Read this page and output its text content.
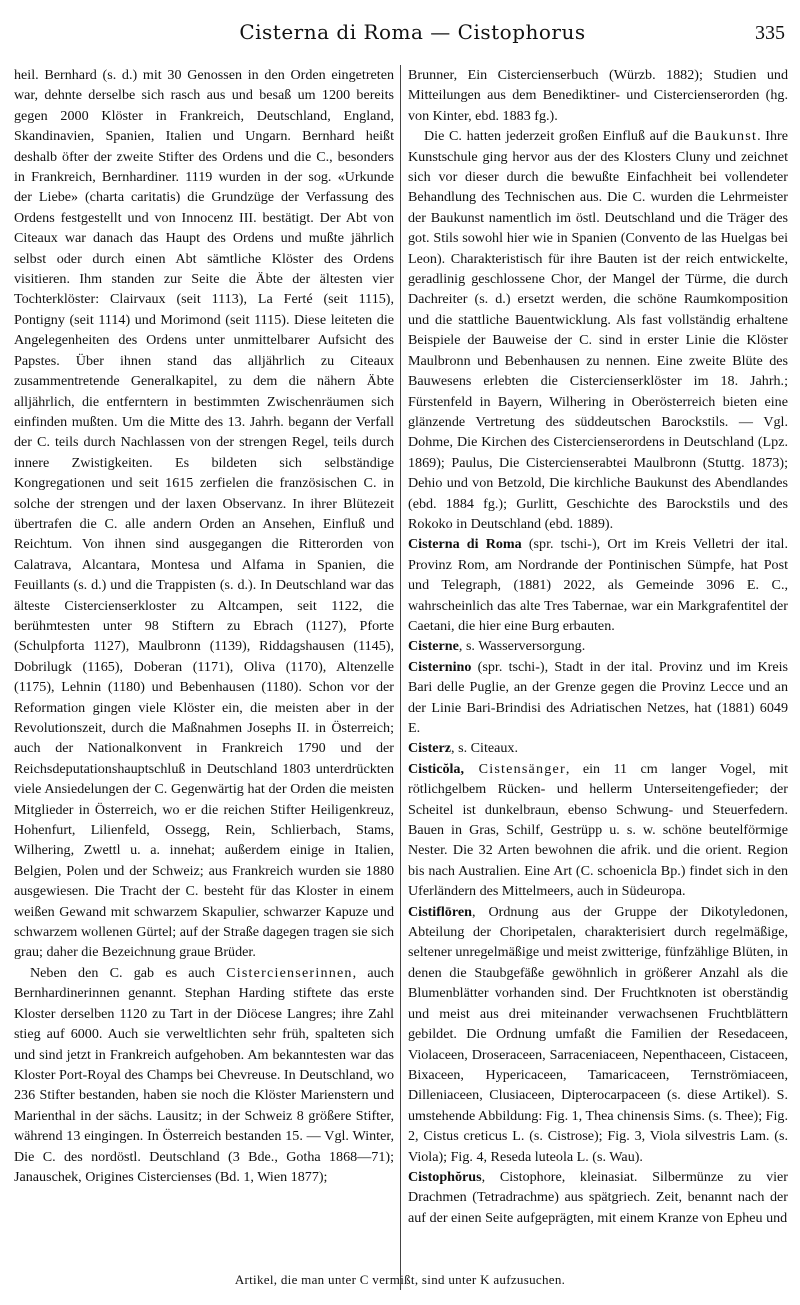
Cisterna di Roma — Cistophorus	335

heil. Bernhard (s. d.) mit 30 Genossen in den Orden eingetreten war, dehnte derselbe sich rasch aus und besaß um 1200 bereits gegen 2000 Klöster in Frankreich, Deutschland, England, Skandinavien, Spanien, Italien und Ungarn. Bernhard heißt deshalb öfter der zweite Stifter des Ordens und die C., besonders in Frankreich, Bernhardiner. 1119 wurden in der sog. «Urkunde der Liebe» (charta caritatis) die Grundzüge der Verfassung des Ordens festgestellt und von Innocenz III. bestätigt. Der Abt von Citeaux war danach das Haupt des Ordens und mußte jährlich selbst oder durch einen Abt sämtliche Klöster des Ordens visitieren. Ihm standen zur Seite die Äbte der ältesten vier Tochterklöster: Clairvaux (seit 1113), La Ferté (seit 1115), Pontigny (seit 1114) und Morimond (seit 1115). Diese leiteten die Angelegenheiten des Ordens unter unmittelbarer Aufsicht des Papstes. Über ihnen stand das alljährlich zu Citeaux zusammentretende Generalkapitel, zu dem die nähern Äbte alljährlich, die entferntern in bestimmten Zwischenräumen sich einfinden mußten. Um die Mitte des 13. Jahrh. begann der Verfall der C. teils durch Nachlassen von der strengen Regel, teils durch innere Zwistigkeiten. Es bildeten sich selbständige Kongregationen und seit 1615 zerfielen die französischen C. in solche der strengen und der laxen Observanz. In ihrer Blütezeit übertrafen die C. alle andern Orden an Ansehen, Einfluß und Reichtum. Von ihnen sind ausgegangen die Ritterorden von Calatrava, Alcantara, Montesa und Alfama in Spanien, die Feuillants (s. d.) und die Trappisten (s. d.). In Deutschland war das älteste Cistercienserkloster zu Altcampen, seit 1122, die berühmtesten unter 98 Stiftern zu Ebrach (1127), Pforte (Schulpforta 1127), Maulbronn (1139), Riddagshausen (1145), Dobrilugk (1165), Doberan (1171), Oliva (1170), Altenzelle (1175), Lehnin (1180) und Bebenhausen (1180). Schon vor der Reformation gingen viele Klöster ein, die meisten aber in der Revolutionszeit, durch die Maßnahmen Josephs II. in Österreich; auch der Nationalkonvent in Frankreich 1790 und der Reichsdeputationshauptschluß in Deutschland 1803 unterdrückten viele Ansiedelungen der C. Gegenwärtig hat der Orden die meisten Mitglieder in Österreich, wo er die reichen Stifter Heiligenkreuz, Hohenfurt, Lilienfeld, Ossegg, Rein, Schlierbach, Stams, Wilhering, Zwettl u. a. innehat; außerdem einige in Italien, Belgien, Polen und der Schweiz; aus Frankreich wurden sie 1880 ausgewiesen. Die Tracht der C. besteht für das Kloster in einem weißen Gewand mit schwarzem Skapulier, schwarzer Kapuze und schwarzem wollenen Gürtel; auf der Straße dagegen tragen sie sich grau; daher die Bezeichnung graue Brüder.

Neben den C. gab es auch Cistercienserinnen, auch Bernhardinerinnen genannt. Stephan Harding stiftete das erste Kloster derselben 1120 zu Tart in der Diöcese Langres; ihre Zahl stieg auf 6000. Auch sie verweltlichten sehr früh, spalteten sich und sind jetzt in Frankreich aufgehoben. Am bekanntesten war das Kloster Port-Royal des Champs bei Chevreuse. In Deutschland, wo 236 Stifter bestanden, haben sie noch die Klöster Marienstern und Marienthal in der sächs. Lausitz; in der Schweiz 8 größere Stifter, während 13 eingingen. In Österreich bestanden 15. — Vgl. Winter, Die C. des nordöstl. Deutschland (3 Bde., Gotha 1868—71); Janauschek, Origines Cistercienses (Bd. 1, Wien 1877);

Brunner, Ein Cistercienserbuch (Würzb. 1882); Studien und Mitteilungen aus dem Benediktiner- und Cistercienserorden (hg. von Kinter, ebd. 1883 fg.).

Die C. hatten jederzeit großen Einfluß auf die Baukunst. Ihre Kunstschule ging hervor aus der des Klosters Cluny und zeichnet sich vor dieser durch die bewußte Einfachheit bei vollendeter Behandlung des Technischen aus. Die C. wurden die Lehrmeister der Baukunst namentlich im östl. Deutschland und die Träger des got. Stils sowohl hier wie in Spanien (Convento de las Huelgas bei Leon). Charakteristisch für ihre Bauten ist der reich entwickelte, geradlinig geschlossene Chor, der Mangel der Türme, die durch Dachreiter (s. d.) ersetzt werden, die schöne Raumkomposition und die stattliche Bauentwicklung. Als fast vollständig erhaltene Beispiele der Bauweise der C. sind in erster Linie die Klöster Maulbronn und Bebenhausen zu nennen. Eine zweite Blüte des Bauwesens erlebten die Cistercienserklöster im 18. Jahrh.; Fürstenfeld in Bayern, Wilhering in Oberösterreich bieten eine glänzende Vertretung des süddeutschen Barockstils. — Vgl. Dohme, Die Kirchen des Cistercienserordens in Deutschland (Lpz. 1869); Paulus, Die Cistercienserabtei Maulbronn (Stuttg. 1873); Dehio und von Betzold, Die kirchliche Baukunst des Abendlandes (ebd. 1884 fg.); Gurlitt, Geschichte des Barockstils und des Rokoko in Deutschland (ebd. 1889).

Cisterna di Roma (spr. tschi-), Ort im Kreis Velletri der ital. Provinz Rom, am Nordrande der Pontinischen Sümpfe, hat Post und Telegraph, (1881) 2022, als Gemeinde 3096 E. C., wahrscheinlich das alte Tres Tabernae, war ein Markgrafentitel der Caetani, die hier eine Burg erbauten.

Cisterne, s. Wasserversorgung.

Cisternino (spr. tschi-), Stadt in der ital. Provinz und im Kreis Bari delle Puglie, an der Grenze gegen die Provinz Lecce und an der Linie Bari-Brindisi des Adriatischen Netzes, hat (1881) 6049 E.

Cisterz, s. Citeaux.

Cisticŏla, Cistensänger, ein 11 cm langer Vogel, mit rötlichgelbem Rücken- und hellerm Unterseitengefieder; der Scheitel ist dunkelbraun, ebenso Schwung- und Steuerfedern. Bauen in Gras, Schilf, Gestrüpp u. s. w. schöne beutelförmige Nester. Die 32 Arten bewohnen die afrik. und die orient. Region bis nach Australien. Eine Art (C. schoenicla Bp.) findet sich in den Uferländern des Mittelmeers, auch in Südeuropa.

Cistiflōren, Ordnung aus der Gruppe der Dikotyledonen, Abteilung der Choripetalen, charakterisiert durch regelmäßige, seltener unregelmäßige und meist zwitterige, fünfzählige Blüten, in denen die Staubgefäße gewöhnlich in größerer Anzahl als die Blumenblätter vorhanden sind. Der Fruchtknoten ist oberständig und meist aus drei miteinander verwachsenen Fruchtblättern gebildet. Die Ordnung umfaßt die Familien der Resedaceen, Violaceen, Droseraceen, Sarraceniaceen, Nepenthaceen, Cistaceen, Bixaceen, Hypericaceen, Tamaricaceen, Ternströmiaceen, Dilleniaceen, Clusiaceen, Dipterocarpaceen (s. diese Artikel). S. umstehende Abbildung: Fig. 1, Thea chinensis Sims. (s. Thee); Fig. 2, Cistus creticus L. (s. Cistrose); Fig. 3, Viola silvestris Lam. (s. Viola); Fig. 4, Reseda luteola L. (s. Wau).

Cistophŏrus, Cistophore, kleinasiat. Silbermünze zu vier Drachmen (Tetradrachme) aus spätgriech. Zeit, benannt nach der auf der einen Seite aufgeprägten, mit einem Kranze von Epheu und

Artikel, die man unter C vermißt, sind unter K aufzusuchen.
